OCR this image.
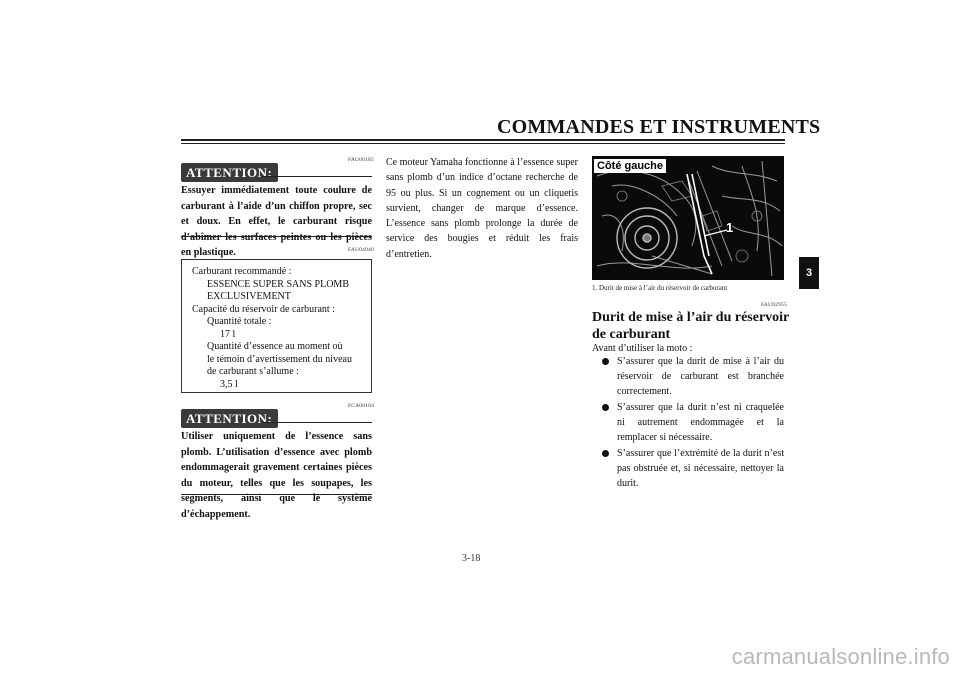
COMMANDES ET INSTRUMENTS
FAU00185
ATTENTION:
Essuyer immédiatement toute coulure de carburant à l’aide d’un chiffon propre, sec et doux. En effet, le carburant risque d’abîmer les surfaces peintes ou les pièces en plastique.	FAU04940
Carburant recommandé :
ESSENCE SUPER SANS PLOMB
EXCLUSIVEMENT
Capacité du réservoir de carburant :
Quantité totale :
17 l
Quantité d’essence au moment où
le témoin d’avertissement du niveau
de carburant s’allume :
3,5 l
FCA00104
ATTENTION:
Utiliser uniquement de l’essence sans plomb. L’utilisation d’essence avec plomb endommagerait gravement certaines pièces du moteur, telles que les soupapes, les segments, ainsi que le système d’échappement.
Ce moteur Yamaha fonctionne à l’essence super sans plomb d’un indice d’octane recherche de 95 ou plus. Si un cognement ou un cliquetis survient, changer de marque d’essence. L’essence sans plomb prolonge la durée de service des bougies et réduit les frais d’entretien.
Côté gauche
1
1. Durit de mise à l’air du réservoir de carburant
FAU02955
Durit de mise à l’air du réservoir de carburant
Avant d’utiliser la moto :
S’assurer que la durit de mise à l’air du réservoir de carburant est branchée correctement.
S’assurer que la durit n’est ni craquelée ni autrement endommagée et la remplacer si nécessaire.
S’assurer que l’extrémité de la durit n’est pas obstruée et, si nécessaire, nettoyer la durit.
3
3-18
carmanualsonline.info
